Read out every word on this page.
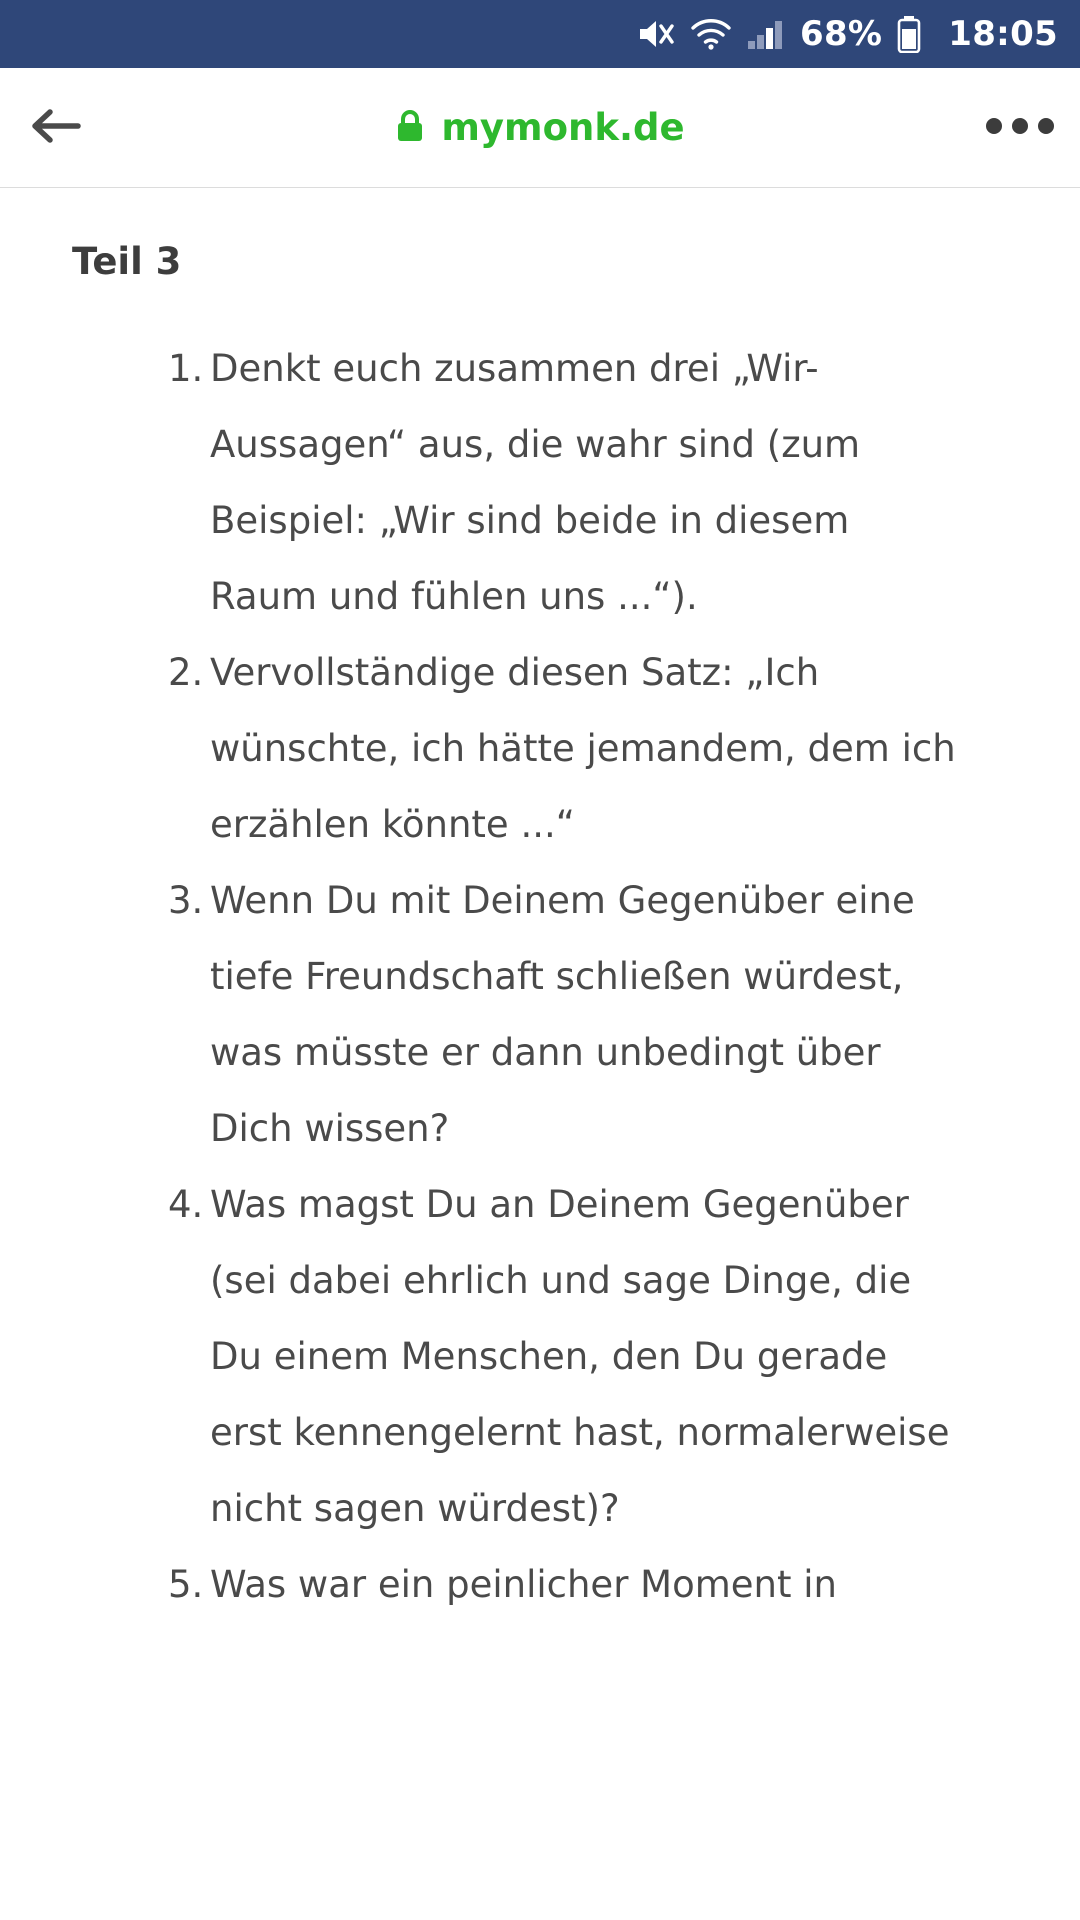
68% 18:05
mymonk.de
Teil 3
Denkt euch zusammen drei „Wir-Aussagen“ aus, die wahr sind (zum Beispiel: „Wir sind beide in diesem Raum und fühlen uns ...“).
Vervollständige diesen Satz: „Ich wünschte, ich hätte jemandem, dem ich erzählen könnte ...“
Wenn Du mit Deinem Gegenüber eine tiefe Freundschaft schließen würdest, was müsste er dann unbedingt über Dich wissen?
Was magst Du an Deinem Gegenüber (sei dabei ehrlich und sage Dinge, die Du einem Menschen, den Du gerade erst kennengelernt hast, normalerweise nicht sagen würdest)?
Was war ein peinlicher Moment in
